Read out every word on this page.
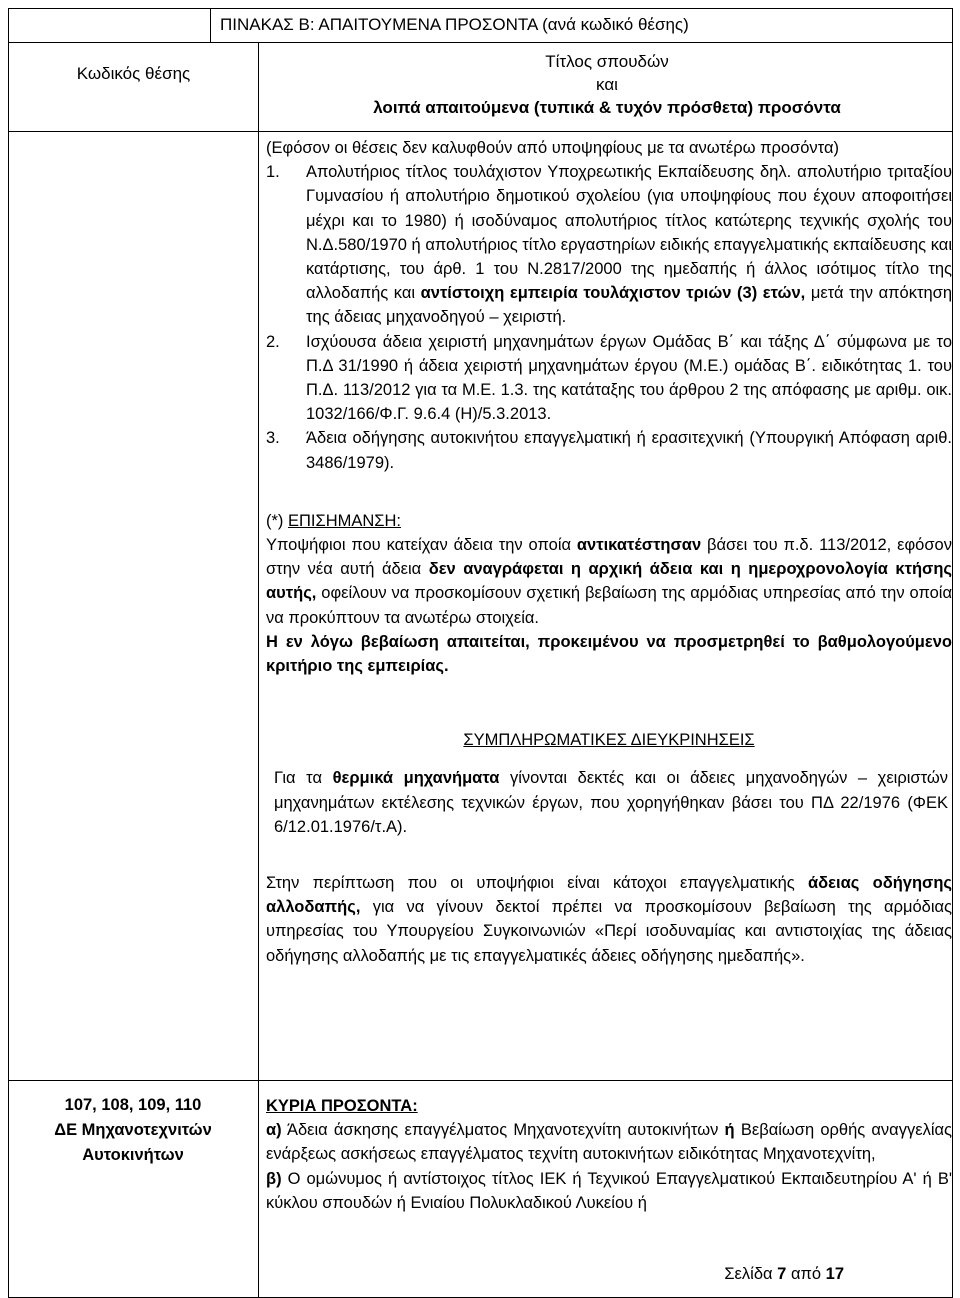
ΠΙΝΑΚΑΣ Β: ΑΠΑΙΤΟΥΜΕΝΑ ΠΡΟΣΟΝΤΑ (ανά κωδικό θέσης)
Κωδικός θέσης
Τίτλος σπουδών
και
λοιπά απαιτούμενα (τυπικά & τυχόν πρόσθετα) προσόντα
(Εφόσον οι θέσεις δεν καλυφθούν από υποψηφίους με τα ανωτέρω προσόντα)
1. Απολυτήριος τίτλος τουλάχιστον Υποχρεωτικής Εκπαίδευσης δηλ. απολυτήριο τριταξίου Γυμνασίου ή απολυτήριο δημοτικού σχολείου (για υποψηφίους που έχουν αποφοιτήσει μέχρι και το 1980) ή ισοδύναμος απολυτήριος τίτλος κατώτερης τεχνικής σχολής του Ν.Δ.580/1970 ή απολυτήριος τίτλο εργαστηρίων ειδικής επαγγελματικής εκπαίδευσης και κατάρτισης, του άρθ. 1 του Ν.2817/2000 της ημεδαπής ή άλλος ισότιμος τίτλο της αλλοδαπής και αντίστοιχη εμπειρία τουλάχιστον τριών (3) ετών, μετά την απόκτηση της άδειας μηχανοδηγού – χειριστή.
2. Ισχύουσα άδεια χειριστή μηχανημάτων έργων Ομάδας Β΄ και τάξης Δ΄ σύμφωνα με το Π.Δ 31/1990 ή άδεια χειριστή μηχανημάτων έργου (Μ.Ε.) ομάδας Β΄. ειδικότητας 1. του Π.Δ. 113/2012 για τα Μ.Ε. 1.3. της κατάταξης του άρθρου 2 της απόφασης με αριθμ. οικ. 1032/166/Φ.Γ. 9.6.4 (Η)/5.3.2013.
3. Άδεια οδήγησης αυτοκινήτου επαγγελματική ή ερασιτεχνική (Υπουργική Απόφαση αριθ. 3486/1979).
(*) ΕΠΙΣΗΜΑΝΣΗ:
Υποψήφιοι που κατείχαν άδεια την οποία αντικατέστησαν βάσει του π.δ. 113/2012, εφόσον στην νέα αυτή άδεια δεν αναγράφεται η αρχική άδεια και η ημεροχρονολογία κτήσης αυτής, οφείλουν να προσκομίσουν σχετική βεβαίωση της αρμόδιας υπηρεσίας από την οποία να προκύπτουν τα ανωτέρω στοιχεία.
Η εν λόγω βεβαίωση απαιτείται, προκειμένου να προσμετρηθεί το βαθμολογούμενο κριτήριο της εμπειρίας.
ΣΥΜΠΛΗΡΩΜΑΤΙΚΕΣ ΔΙΕΥΚΡΙΝΗΣΕΙΣ
Για τα θερμικά μηχανήματα γίνονται δεκτές και οι άδειες μηχανοδηγών – χειριστών μηχανημάτων εκτέλεσης τεχνικών έργων, που χορηγήθηκαν βάσει του ΠΔ 22/1976 (ΦΕΚ 6/12.01.1976/τ.Α).
Στην περίπτωση που οι υποψήφιοι είναι κάτοχοι επαγγελματικής άδειας οδήγησης αλλοδαπής, για να γίνουν δεκτοί πρέπει να προσκομίσουν βεβαίωση της αρμόδιας υπηρεσίας του Υπουργείου Συγκοινωνιών «Περί ισοδυναμίας και αντιστοιχίας της άδειας οδήγησης αλλοδαπής με τις επαγγελματικές άδειες οδήγησης ημεδαπής».
107, 108, 109, 110
ΔΕ Μηχανοτεχνιτών
Αυτοκινήτων
ΚΥΡΙΑ ΠΡΟΣΟΝΤΑ:
α) Άδεια άσκησης επαγγέλματος Μηχανοτεχνίτη αυτοκινήτων ή Βεβαίωση ορθής αναγγελίας ενάρξεως ασκήσεως επαγγέλματος τεχνίτη αυτοκινήτων ειδικότητας Μηχανοτεχνίτη,
β) Ο ομώνυμος ή αντίστοιχος τίτλος ΙΕΚ ή Τεχνικού Επαγγελματικού Εκπαιδευτηρίου Α' ή Β' κύκλου σπουδών ή Ενιαίου Πολυκλαδικού Λυκείου ή
Σελίδα 7 από 17
